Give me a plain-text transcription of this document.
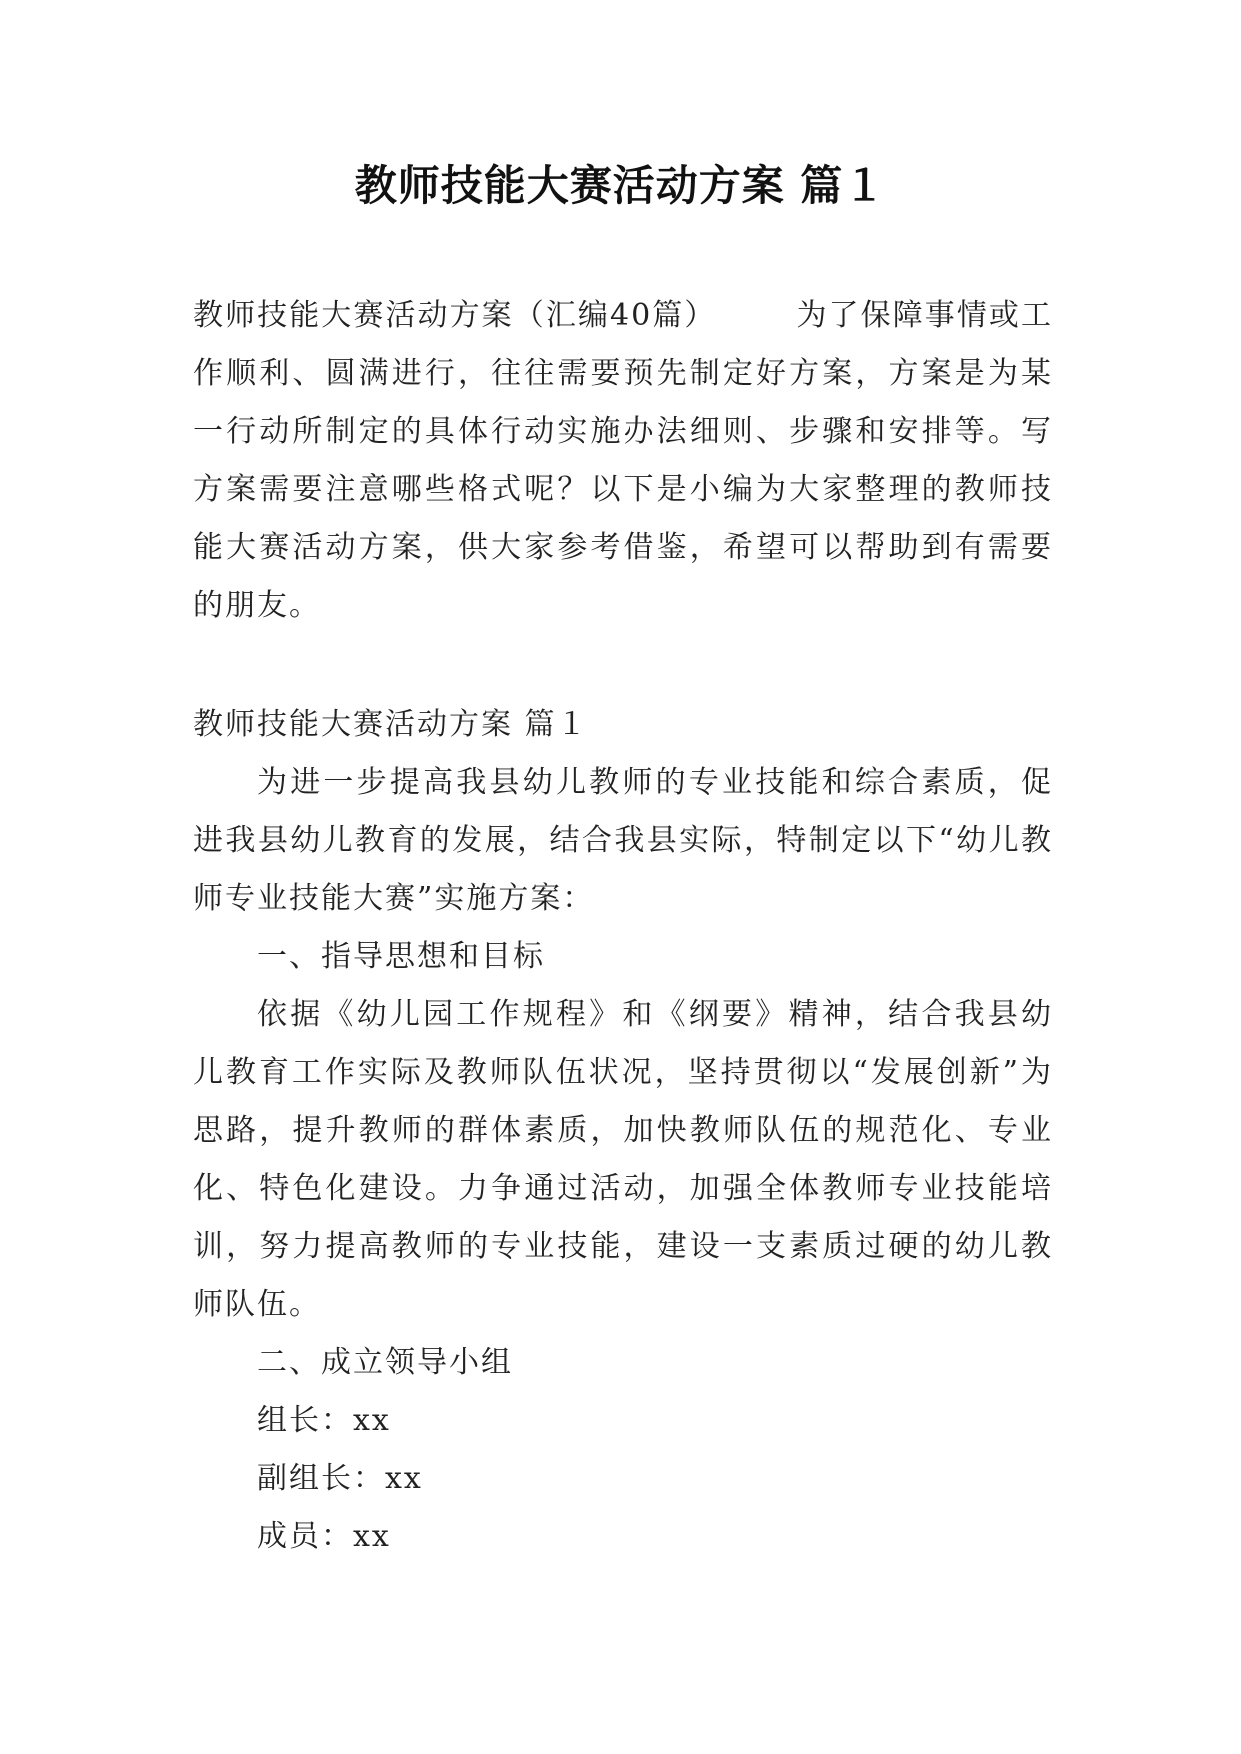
教师技能大赛活动方案 篇１
教师技能大赛活动方案（汇编40篇）	为了保障事情或工作顺利、圆满进行，往往需要预先制定好方案，方案是为某一行动所制定的具体行动实施办法细则、步骤和安排等。写方案需要注意哪些格式呢？以下是小编为大家整理的教师技能大赛活动方案，供大家参考借鉴，希望可以帮助到有需要的朋友。
教师技能大赛活动方案 篇１

为进一步提高我县幼儿教师的专业技能和综合素质，促进我县幼儿教育的发展，结合我县实际，特制定以下“幼儿教师专业技能大赛”实施方案：

一、指导思想和目标

依据《幼儿园工作规程》和《纲要》精神，结合我县幼儿教育工作实际及教师队伍状况，坚持贯彻以“发展创新”为思路，提升教师的群体素质，加快教师队伍的规范化、专业化、特色化建设。力争通过活动，加强全体教师专业技能培训，努力提高教师的专业技能，建设一支素质过硬的幼儿教师队伍。

二、成立领导小组

组长：xx

副组长：xx

成员：xx
